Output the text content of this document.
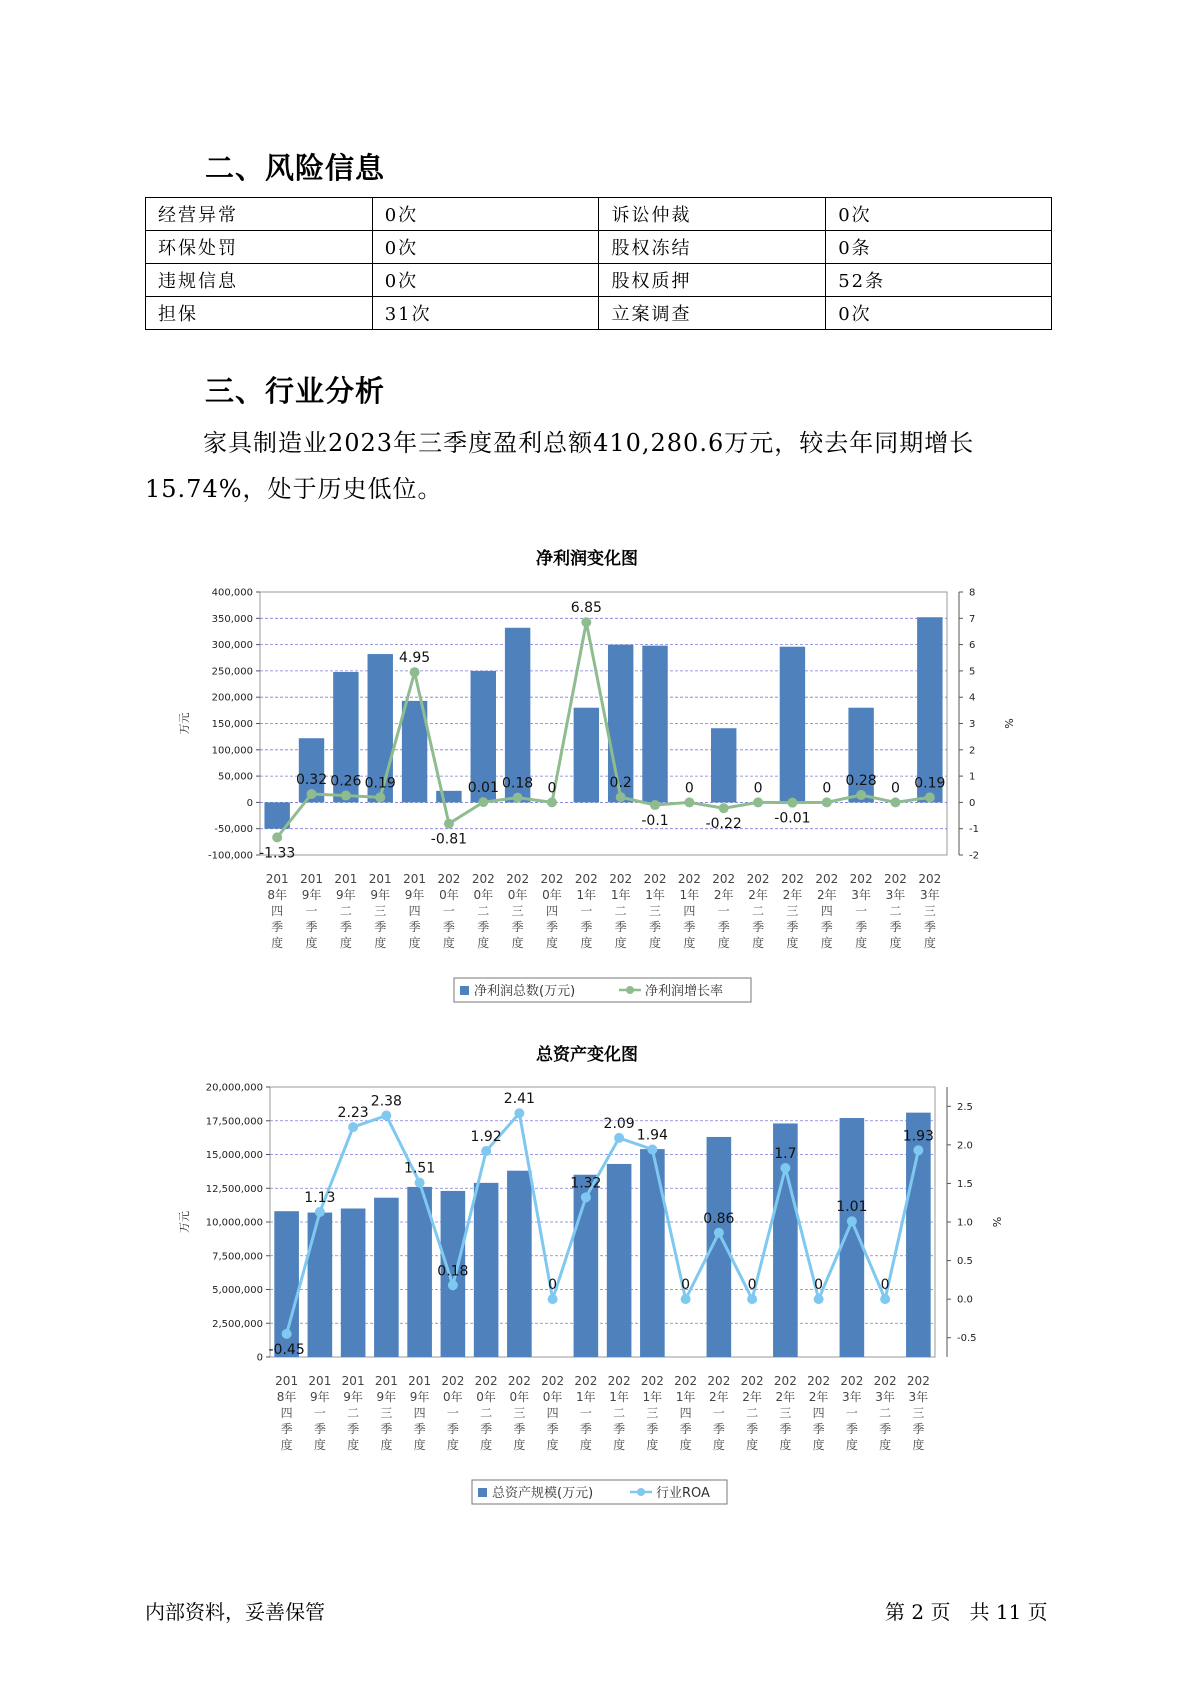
二、风险信息
经营异常	0次	诉讼仲裁	0次
环保处罚	0次	股权冻结	0条
违规信息	0次	股权质押	52条
担保	31次	立案调查	0次
三、行业分析
家具制造业2023年三季度盈利总额410,280.6万元，较去年同期增长
15.74%，处于历史低位。
净利润变化图
400,000
350,000
300,000
250,000
200,000
150,000
100,000
50,000
0
-50,000
-100,000
8
7
6
5
4
3
2
1
0
-1
-2
万元	%
201
8年
四
季
度
201
9年
一
季
度
201
9年
二
季
度
201
9年
三
季
度
201
9年
四
季
度
202
0年
一
季
度
202
0年
二
季
度
202
0年
三
季
度
202
0年
四
季
度
202
1年
一
季
度
202
1年
二
季
度
202
1年
三
季
度
202
1年
四
季
度
202
2年
一
季
度
202
2年
二
季
度
202
2年
三
季
度
202
2年
四
季
度
202
3年
一
季
度
202
3年
二
季
度
202
3年
三
季
度
-1.33
0.32 0.26 0.19
4.95
-0.81
0.01 0.18 0
6.85
0.2
-0.1
0
-0.22
0
-0.01
0 0.28 0 0.19
净利润总数(万元)	净利润增长率
总资产变化图
20,000,000
17,500,000
15,000,000
12,500,000
10,000,000
7,500,000
5,000,000
2,500,000
0
2.5
2.0
1.5
1.0
0.5
0.0
-0.5
万元	%
201
8年
四
季
度
201
9年
一
季
度
201
9年
二
季
度
201
9年
三
季
度
201
9年
四
季
度
202
0年
一
季
度
202
0年
二
季
度
202
0年
三
季
度
202
0年
四
季
度
202
1年
一
季
度
202
1年
二
季
度
202
1年
三
季
度
202
1年
四
季
度
202
2年
一
季
度
202
2年
二
季
度
202
2年
三
季
度
202
2年
四
季
度
202
3年
一
季
度
202
3年
二
季
度
202
3年
三
季
度
-0.45
1.13
2.23
2.38
1.51
0.18
1.92
2.41
0
1.32
2.09
1.94
0
0.86
0
1.7
0
1.01
0
1.93
总资产规模(万元)	行业ROA
内部资料，妥善保管	第 2 页   共 11 页
